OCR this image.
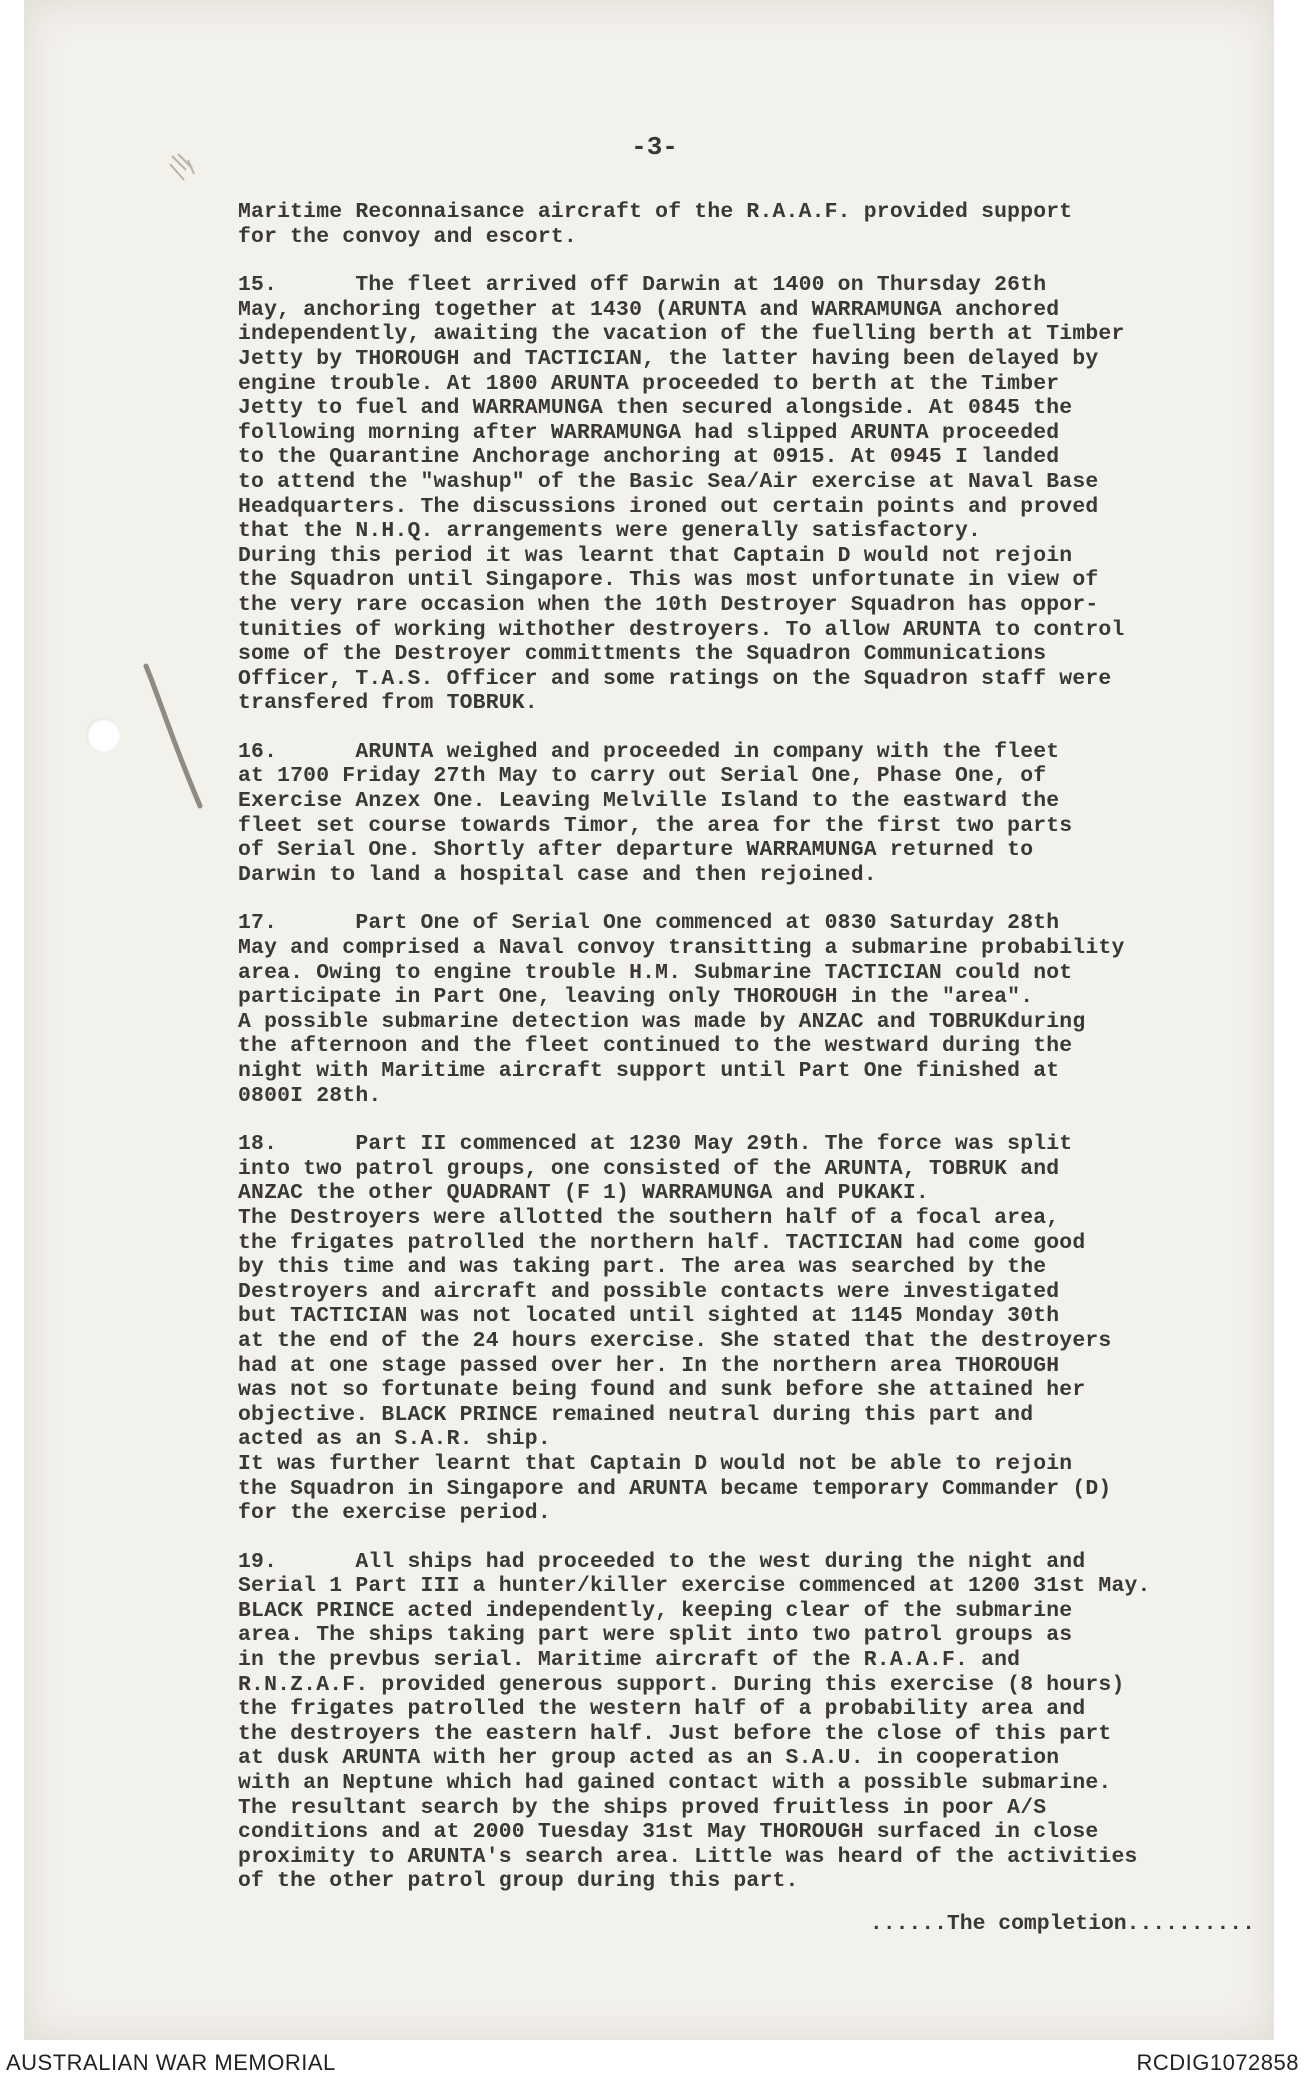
-3-
Maritime Reconnaisance aircraft of the R.A.A.F. provided support
for the convoy and escort.
15.      The fleet arrived off Darwin at 1400 on Thursday 26th
May, anchoring together at 1430 (ARUNTA and WARRAMUNGA anchored
independently, awaiting the vacation of the fuelling berth at Timber
Jetty by THOROUGH and TACTICIAN, the latter having been delayed by
engine trouble. At 1800 ARUNTA proceeded to berth at the Timber
Jetty to fuel and WARRAMUNGA then secured alongside. At 0845 the
following morning after WARRAMUNGA had slipped ARUNTA proceeded
to the Quarantine Anchorage anchoring at 0915. At 0945 I landed
to attend the "washup" of the Basic Sea/Air exercise at Naval Base
Headquarters. The discussions ironed out certain points and proved
that the N.H.Q. arrangements were generally satisfactory.
During this period it was learnt that Captain D would not rejoin
the Squadron until Singapore. This was most unfortunate in view of
the very rare occasion when the 10th Destroyer Squadron has oppor-
tunities of working withother destroyers. To allow ARUNTA to control
some of the Destroyer committments the Squadron Communications
Officer, T.A.S. Officer and some ratings on the Squadron staff were
transfered from TOBRUK.
16.      ARUNTA weighed and proceeded in company with the fleet
at 1700 Friday 27th May to carry out Serial One, Phase One, of
Exercise Anzex One. Leaving Melville Island to the eastward the
fleet set course towards Timor, the area for the first two parts
of Serial One. Shortly after departure WARRAMUNGA returned to
Darwin to land a hospital case and then rejoined.
17.      Part One of Serial One commenced at 0830 Saturday 28th
May and comprised a Naval convoy transitting a submarine probability
area. Owing to engine trouble H.M. Submarine TACTICIAN could not
participate in Part One, leaving only THOROUGH in the "area".
A possible submarine detection was made by ANZAC and TOBRUKduring
the afternoon and the fleet continued to the westward during the
night with Maritime aircraft support until Part One finished at
0800I 28th.
18.      Part II commenced at 1230 May 29th. The force was split
into two patrol groups, one consisted of the ARUNTA, TOBRUK and
ANZAC the other QUADRANT (F 1) WARRAMUNGA and PUKAKI.
The Destroyers were allotted the southern half of a focal area,
the frigates patrolled the northern half. TACTICIAN had come good
by this time and was taking part. The area was searched by the
Destroyers and aircraft and possible contacts were investigated
but TACTICIAN was not located until sighted at 1145 Monday 30th
at the end of the 24 hours exercise. She stated that the destroyers
had at one stage passed over her. In the northern area THOROUGH
was not so fortunate being found and sunk before she attained her
objective. BLACK PRINCE remained neutral during this part and
acted as an S.A.R. ship.
It was further learnt that Captain D would not be able to rejoin
the Squadron in Singapore and ARUNTA became temporary Commander (D)
for the exercise period.
19.      All ships had proceeded to the west during the night and
Serial 1 Part III a hunter/killer exercise commenced at 1200 31st May.
BLACK PRINCE acted independently, keeping clear of the submarine
area. The ships taking part were split into two patrol groups as
in the prevbus serial. Maritime aircraft of the R.A.A.F. and
R.N.Z.A.F. provided generous support. During this exercise (8 hours)
the frigates patrolled the western half of a probability area and
the destroyers the eastern half. Just before the close of this part
at dusk ARUNTA with her group acted as an S.A.U. in cooperation
with an Neptune which had gained contact with a possible submarine.
The resultant search by the ships proved fruitless in poor A/S
conditions and at 2000 Tuesday 31st May THOROUGH surfaced in close
proximity to ARUNTA's search area. Little was heard of the activities
of the other patrol group during this part.
......The completion..........
AUSTRALIAN WAR MEMORIAL	RCDIG1072858
